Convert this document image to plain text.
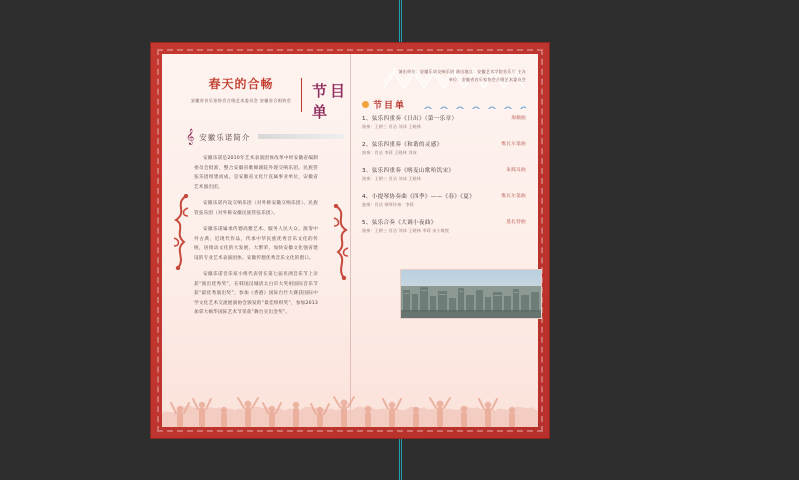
春天的合畅
安徽省音乐家协会合唱艺术委员会 安徽省合唱协会
节目单
𝄞 安徽乐诺简介

安徽乐诺是2010年艺术表演团体改革中经安徽省编制委员会批准，整合安徽省歌舞剧院外现交响乐团、民族管弦乐团组建而成。是安徽省文化厅直属事业单位，安徽省艺术演出团。

安徽乐诺内设交响乐团（对外称安徽交响乐团）、民族管弦乐团（对外称安徽民族管弦乐团）。

安徽乐诺属承传德高雅艺术、服务人民大众、演奏中外古典、近现代作品，传承中华民族优秀音乐文化的传统，居推动文化的大发展、大繁荣，加快安徽文化强省建设的专业艺术表演团体。安徽传德优秀音乐文化的窗口。

安徽乐诺音乐家小组代表曾在第七届亚洲音乐节上亲获“演出优秀奖”，在韩国汉城清太白市大奖祖国际音乐节获“最优秀演出奖”，参加《香港》国际台竹大赛获国际中学文化艺术交流展演协会颁发的“最佳组织奖”，参加2013加拿大枫华国际艺术节荣获“舞台实出金奖”。

演出单位：安徽乐诺交响乐团 演出地点：安徽艺术学院音乐厅 主办单位：安徽省音乐家协会合唱艺术委员会
节目单
1、弦乐四重奏《日出》（第一乐章）
演奏：王朝三 肖洁 刘冰 王晓林
海顿曲
2、弦乐四重奏《和谐的灵感》
演奏：肖洁 李莉 王晓林 刘冰
维瓦尔第曲
3、弦乐四重奏《喀麦山歌哈饥宋》
演奏：王朝三 肖洁 刘冰 王晓林
朱践耳曲
4、小提琴协奏曲《四季》——《春》《夏》
独奏：肖洁 钢琴伴奏：李莉
维瓦尔第曲
5、弦乐合奏《大调小夜曲》
演奏：王朝三 肖洁 刘冰 王晓林 李莉 宋小敏悦
莫扎特曲
